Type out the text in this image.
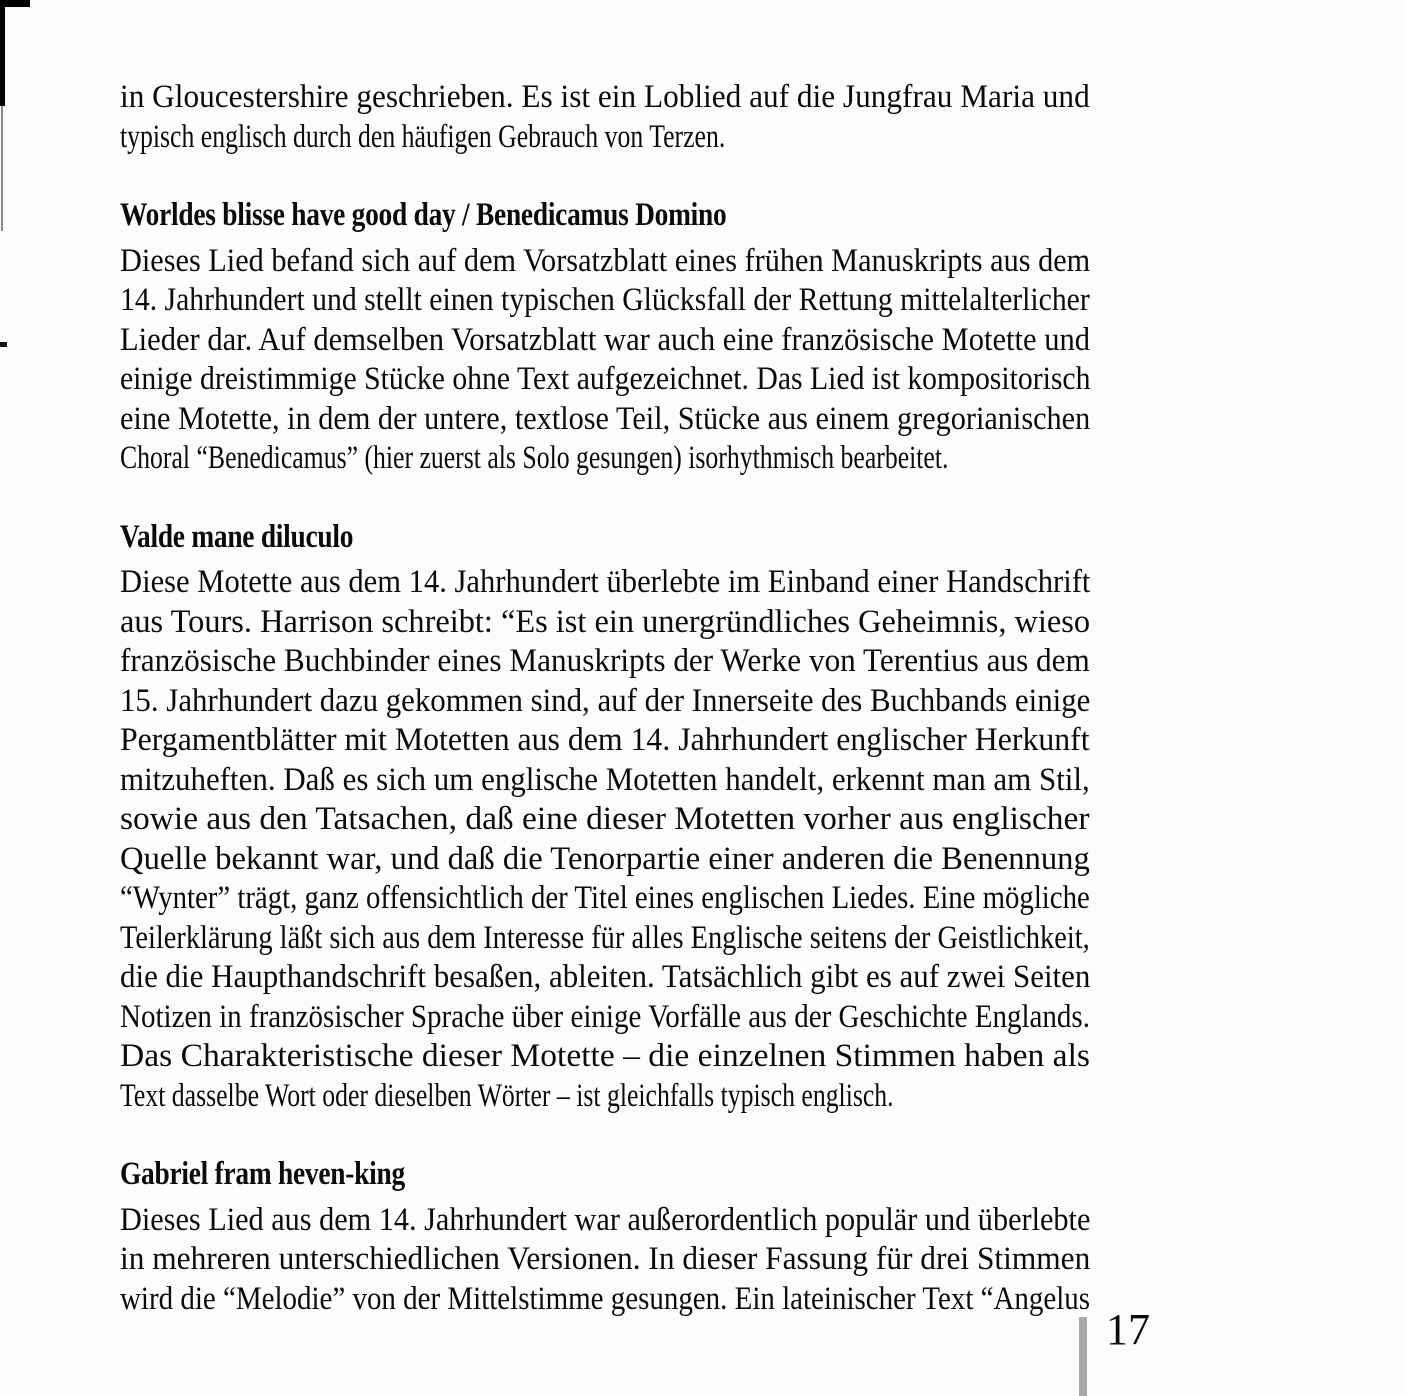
in Gloucestershire geschrieben. Es ist ein Loblied auf die Jungfrau Maria und
typisch englisch durch den häufigen Gebrauch von Terzen.
Worldes blisse have good day / Benedicamus Domino
Dieses Lied befand sich auf dem Vorsatzblatt eines frühen Manuskripts aus dem
14. Jahrhundert und stellt einen typischen Glücksfall der Rettung mittelalterlicher
Lieder dar. Auf demselben Vorsatzblatt war auch eine französische Motette und
einige dreistimmige Stücke ohne Text aufgezeichnet. Das Lied ist kompositorisch
eine Motette, in dem der untere, textlose Teil, Stücke aus einem gregorianischen
Choral “Benedicamus” (hier zuerst als Solo gesungen) isorhythmisch bearbeitet.
Valde mane diluculo
Diese Motette aus dem 14. Jahrhundert überlebte im Einband einer Handschrift
aus Tours. Harrison schreibt: “Es ist ein unergründliches Geheimnis, wieso
französische Buchbinder eines Manuskripts der Werke von Terentius aus dem
15. Jahrhundert dazu gekommen sind, auf der Innerseite des Buchbands einige
Pergamentblätter mit Motetten aus dem 14. Jahrhundert englischer Herkunft
mitzuheften. Daß es sich um englische Motetten handelt, erkennt man am Stil,
sowie aus den Tatsachen, daß eine dieser Motetten vorher aus englischer
Quelle bekannt war, und daß die Tenorpartie einer anderen die Benennung
“Wynter” trägt, ganz offensichtlich der Titel eines englischen Liedes. Eine mögliche
Teilerklärung läßt sich aus dem Interesse für alles Englische seitens der Geistlichkeit,
die die Haupthandschrift besaßen, ableiten. Tatsächlich gibt es auf zwei Seiten
Notizen in französischer Sprache über einige Vorfälle aus der Geschichte Englands.
Das Charakteristische dieser Motette – die einzelnen Stimmen haben als
Text dasselbe Wort oder dieselben Wörter – ist gleichfalls typisch englisch.
Gabriel fram heven-king
Dieses Lied aus dem 14. Jahrhundert war außerordentlich populär und überlebte
in mehreren unterschiedlichen Versionen. In dieser Fassung für drei Stimmen
wird die “Melodie” von der Mittelstimme gesungen. Ein lateinischer Text “Angelus
17
